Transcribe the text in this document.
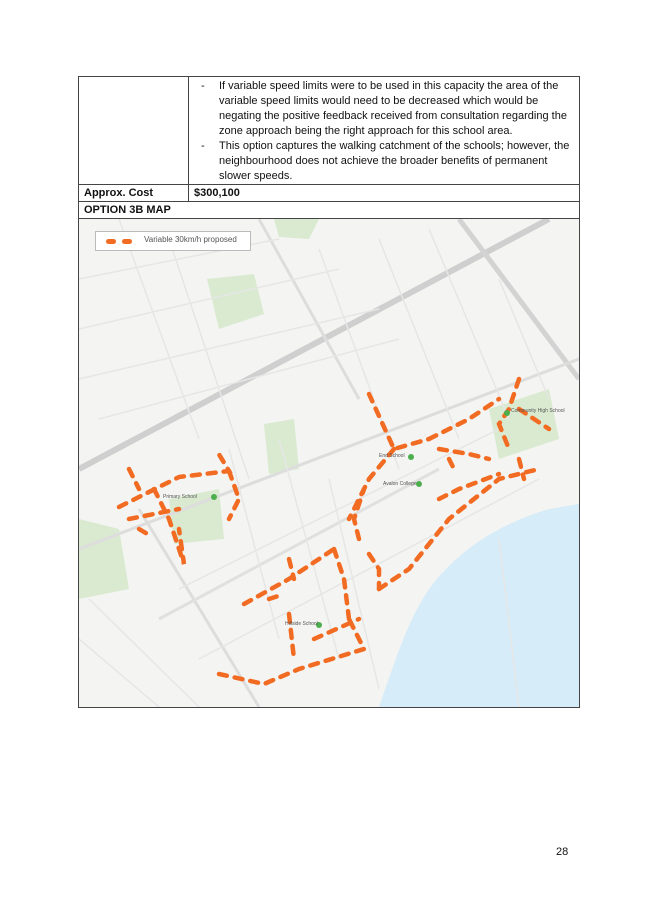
- If variable speed limits were to be used in this capacity the area of the variable speed limits would need to be decreased which would be negating the positive feedback received from consultation regarding the zone approach being the right approach for this school area.
- This option captures the walking catchment of the schools; however, the neighbourhood does not achieve the broader benefits of permanent slower speeds.
Approx. Cost	$300,100
OPTION 3B MAP
Variable 30km/h proposed
Community High School
End School
Avalon College
Primary School
Hillside School
28
